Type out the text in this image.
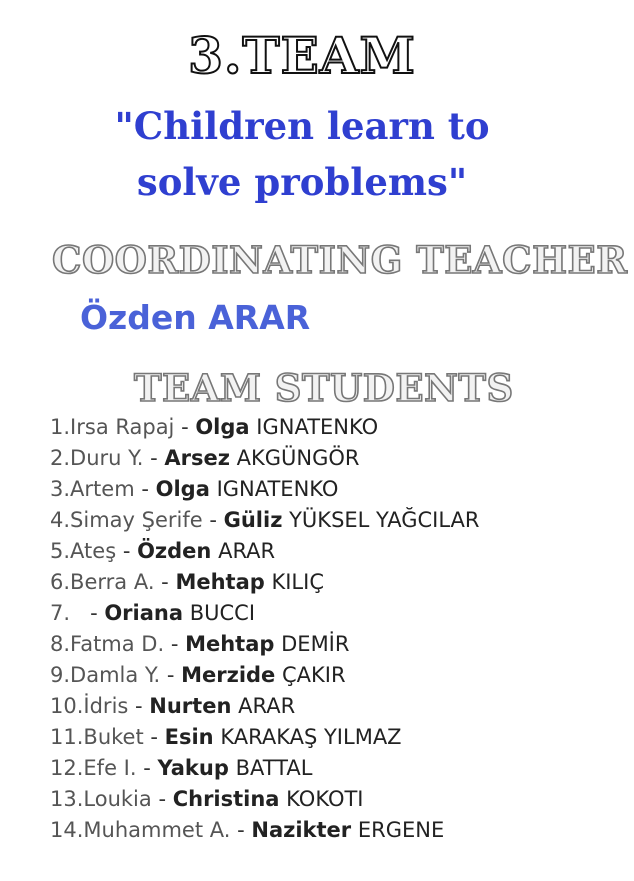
3.TEAM
"Children learn to
solve problems"
COORDINATING TEACHER
Özden ARAR
TEAM STUDENTS
1.Irsa Rapaj - Olga IGNATENKO
2.Duru Y. - Arsez AKGÜNGÖR
3.Artem - Olga IGNATENKO
4.Simay Şerife - Güliz YÜKSEL YAĞCILAR
5.Ateş - Özden ARAR
6.Berra A. - Mehtap KILIÇ
7.   - Oriana BUCCI
8.Fatma D. - Mehtap DEMİR
9.Damla Y. - Merzide ÇAKIR
10.İdris - Nurten ARAR
11.Buket - Esin KARAKAŞ YILMAZ
12.Efe I. - Yakup BATTAL
13.Loukia - Christina KOKOTI
14.Muhammet A. - Nazikter ERGENE
